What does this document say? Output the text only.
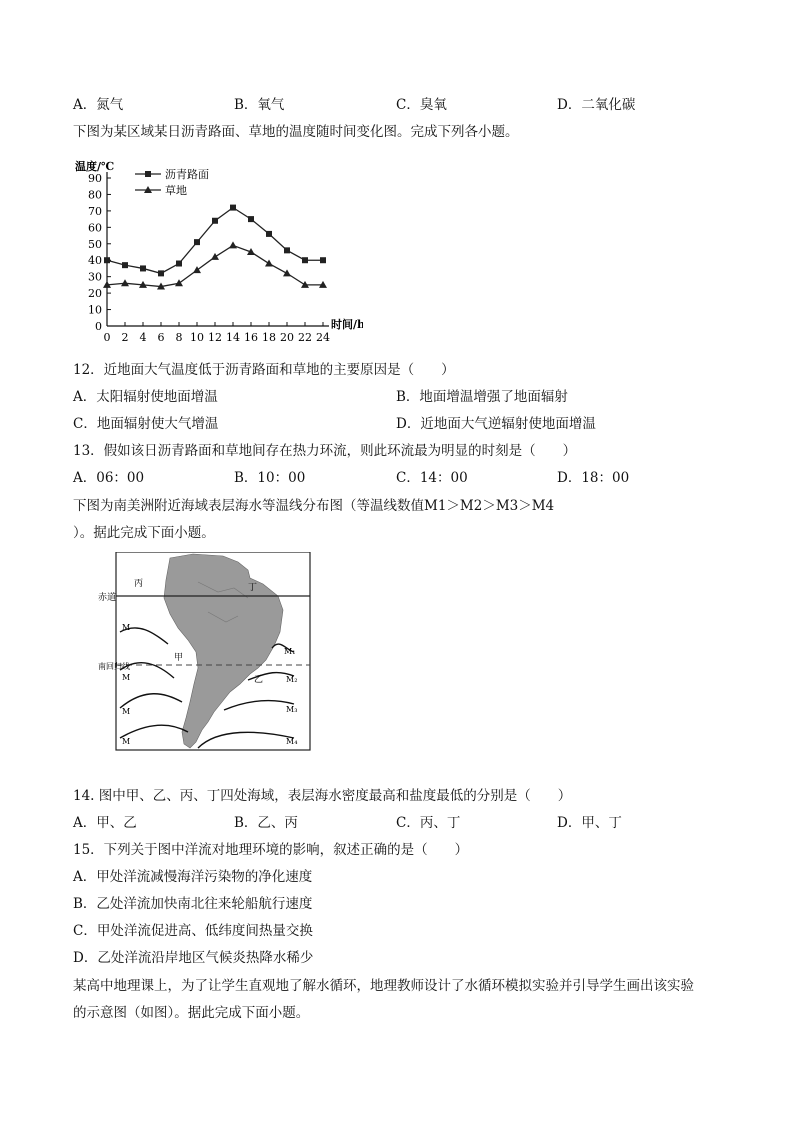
A．氮气	B．氧气	C．臭氧	D．二氧化碳
下图为某区域某日沥青路面、草地的温度随时间变化图。完成下列各小题。
0
10
20
30
40
50
60
70
80
90
0 2 4 6 8 10 12 14 16 18 20 22 24
温度/℃
时间/h
沥青路面
草地
12．近地面大气温度低于沥青路面和草地的主要原因是（　　）
A．太阳辐射使地面增温	B．地面增温增强了地面辐射
C．地面辐射使大气增温	D．近地面大气逆辐射使地面增温
13．假如该日沥青路面和草地间存在热力环流，则此环流最为明显的时刻是（　　）
A．06：00	B．10：00	C．14：00	D．18：00
下图为南美洲附近海域表层海水等温线分布图（等温线数值M1＞M2＞M3＞M4
）。据此完成下面小题。
赤道
南回归线
M
M
M
M
M₁
M₂
M₃
M₄
丙	丁
甲
乙
14. 图中甲、乙、丙、丁四处海域，表层海水密度最高和盐度最低的分别是（　　）
A．甲、乙	B．乙、丙	C．丙、丁	D．甲、丁
15．下列关于图中洋流对地理环境的影响，叙述正确的是（　　）
A．甲处洋流减慢海洋污染物的净化速度
B．乙处洋流加快南北往来轮船航行速度
C．甲处洋流促进高、低纬度间热量交换
D．乙处洋流沿岸地区气候炎热降水稀少
某高中地理课上，为了让学生直观地了解水循环，地理教师设计了水循环模拟实验并引导学生画出该实验
的示意图（如图）。据此完成下面小题。
